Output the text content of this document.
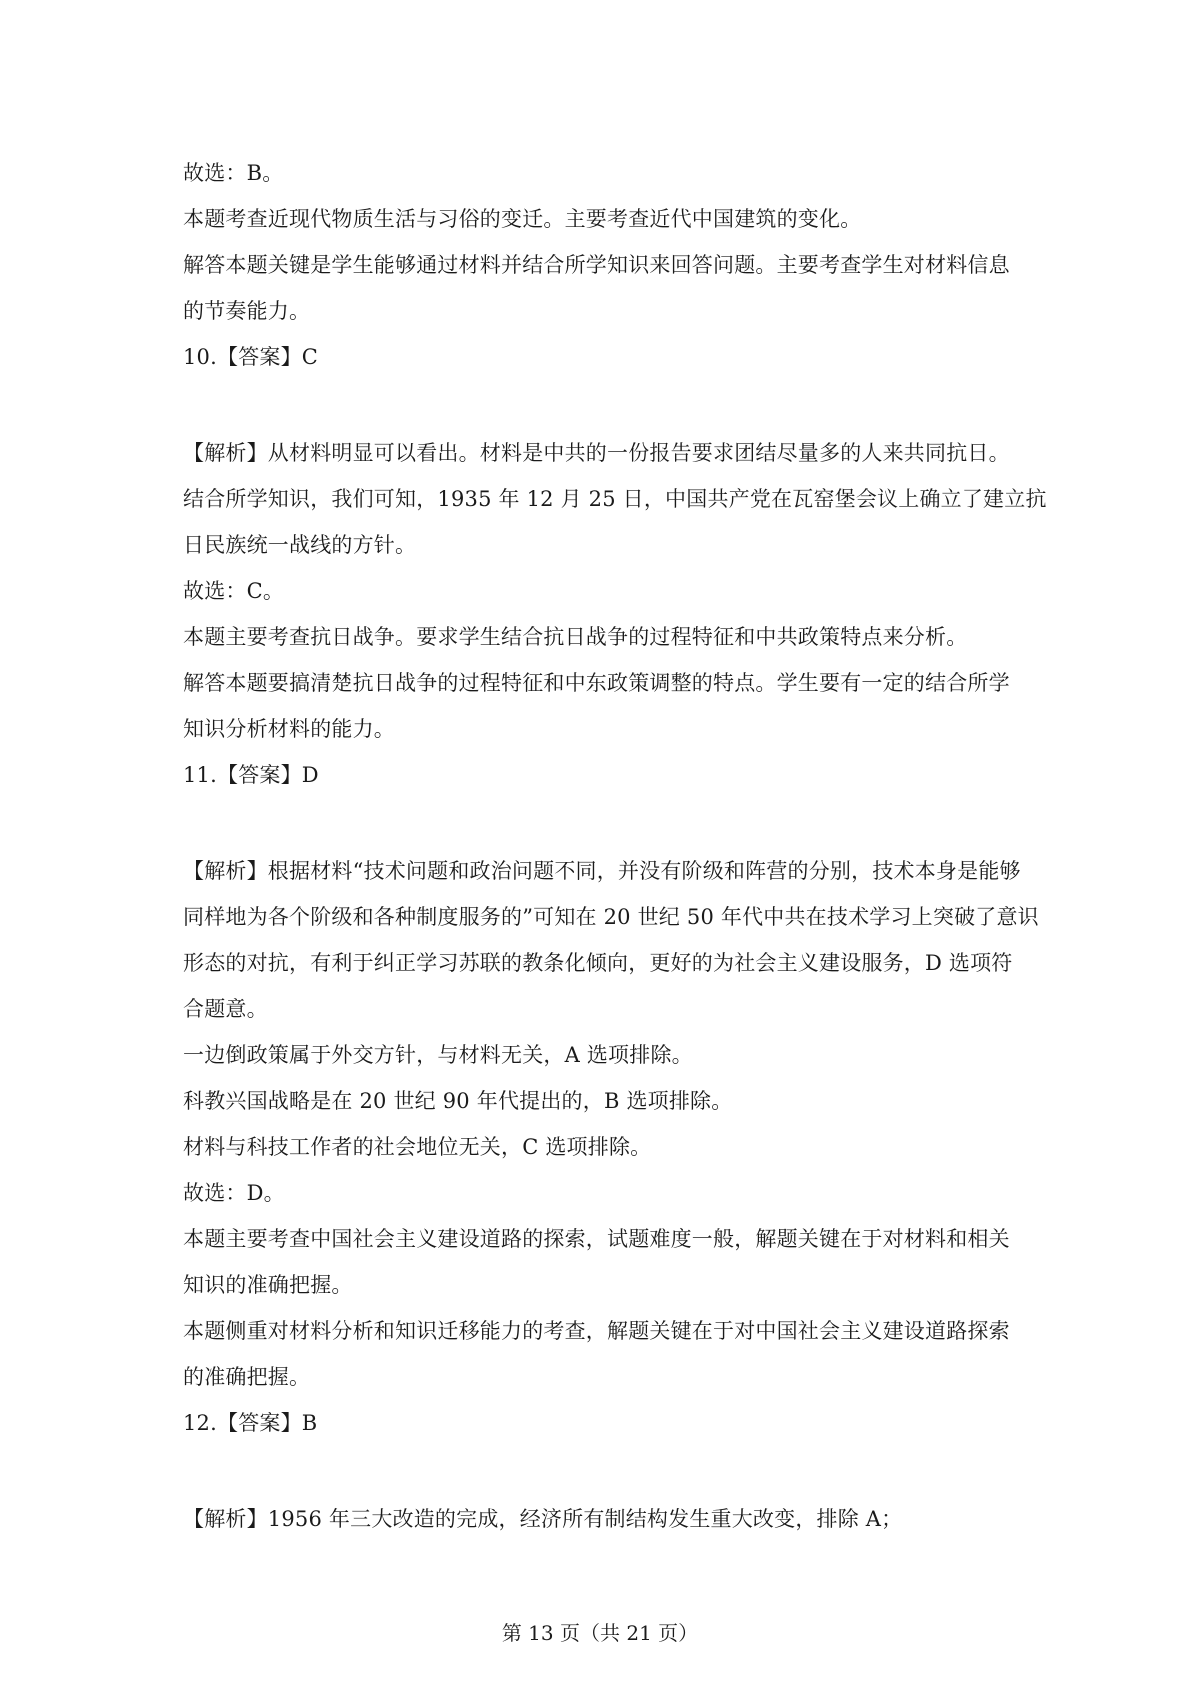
故选：B。
本题考查近现代物质生活与习俗的变迁。主要考查近代中国建筑的变化。
解答本题关键是学生能够通过材料并结合所学知识来回答问题。主要考查学生对材料信息
的节奏能力。
10.【答案】C
【解析】从材料明显可以看出。材料是中共的一份报告要求团结尽量多的人来共同抗日。
结合所学知识，我们可知，1935 年 12 月 25 日，中国共产党在瓦窑堡会议上确立了建立抗
日民族统一战线的方针。
故选：C。
本题主要考查抗日战争。要求学生结合抗日战争的过程特征和中共政策特点来分析。
解答本题要搞清楚抗日战争的过程特征和中东政策调整的特点。学生要有一定的结合所学
知识分析材料的能力。
11.【答案】D
【解析】根据材料“技术问题和政治问题不同，并没有阶级和阵营的分别，技术本身是能够
同样地为各个阶级和各种制度服务的”可知在 20 世纪 50 年代中共在技术学习上突破了意识
形态的对抗，有利于纠正学习苏联的教条化倾向，更好的为社会主义建设服务，D 选项符
合题意。
一边倒政策属于外交方针，与材料无关，A 选项排除。
科教兴国战略是在 20 世纪 90 年代提出的，B 选项排除。
材料与科技工作者的社会地位无关，C 选项排除。
故选：D。
本题主要考查中国社会主义建设道路的探索，试题难度一般，解题关键在于对材料和相关
知识的准确把握。
本题侧重对材料分析和知识迁移能力的考查，解题关键在于对中国社会主义建设道路探索
的准确把握。
12.【答案】B
【解析】1956 年三大改造的完成，经济所有制结构发生重大改变，排除 A；
第 13 页（共 21 页）
